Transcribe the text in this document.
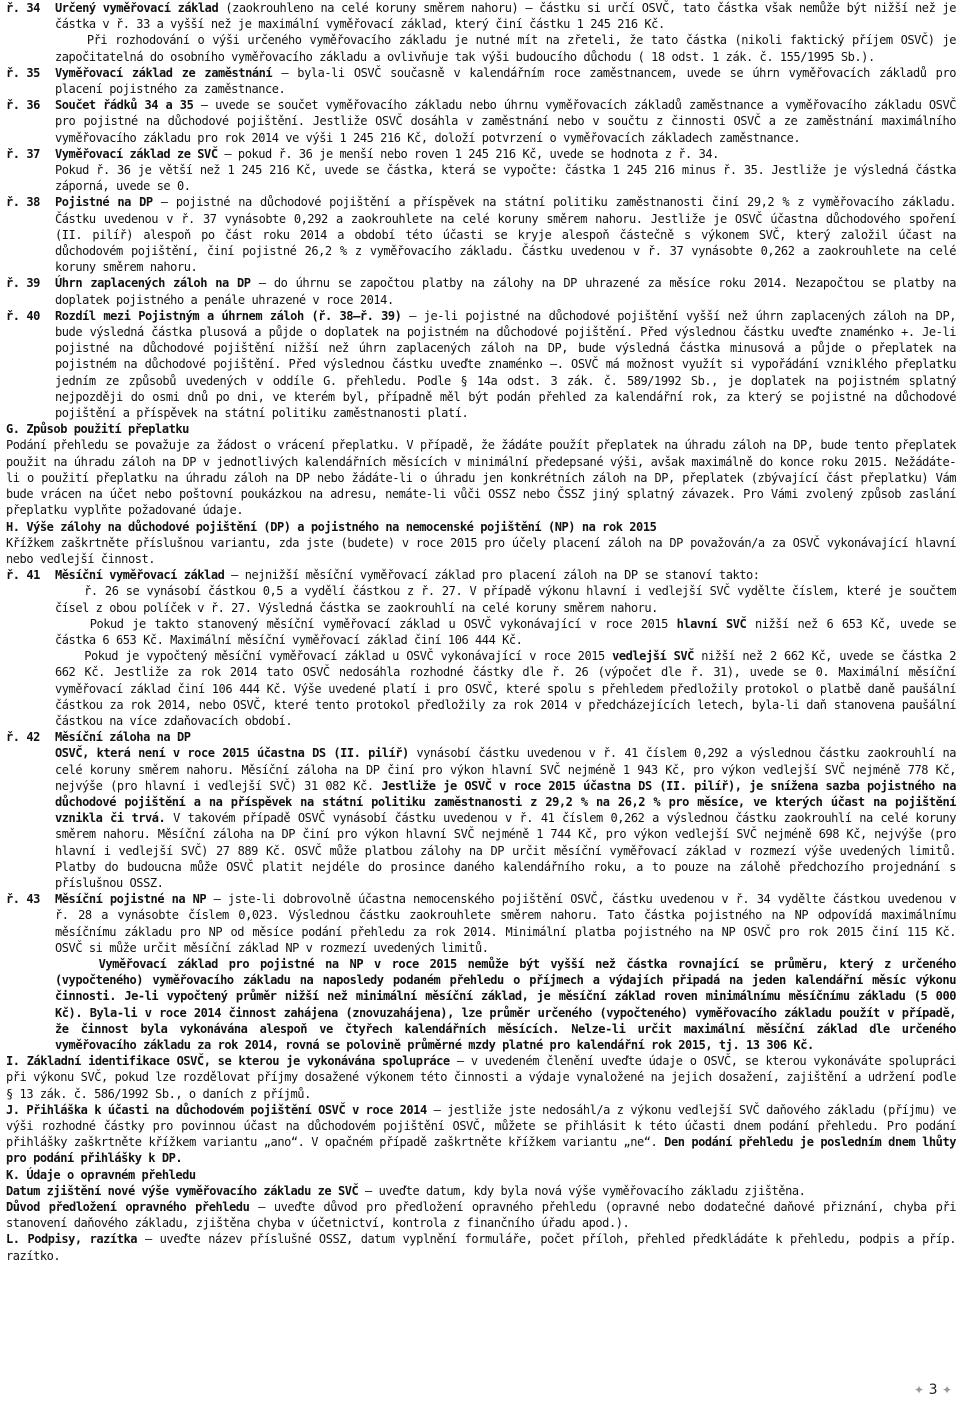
ř. 34	Určený vyměřovací základ (zaokrouhleno na celé koruny směrem nahoru) – částku si určí OSVČ, tato částka však nemůže být nižší než je částka v ř. 33 a vyšší než je maximální vyměřovací základ, který činí částku 1 245 216 Kč.
Při rozhodování o výši určeného vyměřovacího základu je nutné mít na zřeteli, že tato částka (nikoli faktický příjem OSVČ) je započitatelná do osobního vyměřovacího základu a ovlivňuje tak výši budoucího důchodu ( 18 odst. 1 zák. č. 155/1995 Sb.).
ř. 35	Vyměřovací základ ze zaměstnání – byla-li OSVČ současně v kalendářním roce zaměstnancem, uvede se úhrn vyměřovacích základů pro placení pojistného za zaměstnance.
ř. 36	Součet řádků 34 a 35 – uvede se součet vyměřovacího základu nebo úhrnu vyměřovacích základů zaměstnance a vyměřovacího základu OSVČ pro pojistné na důchodové pojištění. Jestliže OSVČ dosáhla v zaměstnání nebo v součtu z činnosti OSVČ a ze zaměstnání maximálního vyměřovacího základu pro rok 2014 ve výši 1 245 216 Kč, doloží potvrzení o vyměřovacích základech zaměstnance.
ř. 37	Vyměřovací základ ze SVČ – pokud ř. 36 je menší nebo roven 1 245 216 Kč, uvede se hodnota z ř. 34.
Pokud ř. 36 je větší než 1 245 216 Kč, uvede se částka, která se vypočte: částka 1 245 216 minus ř. 35. Jestliže je výsledná částka záporná, uvede se 0.
ř. 38	Pojistné na DP – pojistné na důchodové pojištění a příspěvek na státní politiku zaměstnanosti činí 29,2 % z vyměřovacího základu. Částku uvedenou v ř. 37 vynásobte 0,292 a zaokrouhlete na celé koruny směrem nahoru. Jestliže je OSVČ účastna důchodového spoření (II. pilíř) alespoň po část roku 2014 a období této účasti se kryje alespoň částečně s výkonem SVČ, který založil účast na důchodovém pojištění, činí pojistné 26,2 % z vyměřovacího základu. Částku uvedenou v ř. 37 vynásobte 0,262 a zaokrouhlete na celé koruny směrem nahoru.
ř. 39	Úhrn zaplacených záloh na DP – do úhrnu se započtou platby na zálohy na DP uhrazené za měsíce roku 2014. Nezapočtou se platby na doplatek pojistného a penále uhrazené v roce 2014.
ř. 40	Rozdíl mezi Pojistným a úhrnem záloh (ř. 38–ř. 39) – je-li pojistné na důchodové pojištění vyšší než úhrn zaplacených záloh na DP, bude výsledná částka plusová a půjde o doplatek na pojistném na důchodové pojištění. Před výslednou částku uveďte znaménko +. Je-li pojistné na důchodové pojištění nižší než úhrn zaplacených záloh na DP, bude výsledná částka minusová a půjde o přeplatek na pojistném na důchodové pojištění. Před výslednou částku uveďte znaménko –. OSVČ má možnost využít si vypořádání vzniklého přeplatku jedním ze způsobů uvedených v oddíle G. přehledu. Podle § 14a odst. 3 zák. č. 589/1992 Sb., je doplatek na pojistném splatný nejpozději do osmi dnů po dni, ve kterém byl, případně měl být podán přehled za kalendářní rok, za který se pojistné na důchodové pojištění a příspěvek na státní politiku zaměstnanosti platí.
G. Způsob použití přeplatku
Podání přehledu se považuje za žádost o vrácení přeplatku. V případě, že žádáte použít přeplatek na úhradu záloh na DP, bude tento přeplatek použit na úhradu záloh na DP v jednotlivých kalendářních měsících v minimální předepsané výši, avšak maximálně do konce roku 2015. Nežádáte-li o použití přeplatku na úhradu záloh na DP nebo žádáte-li o úhradu jen konkrétních záloh na DP, přeplatek (zbývající část přeplatku) Vám bude vrácen na účet nebo poštovní poukázkou na adresu, nemáte-li vůči OSSZ nebo ČSSZ jiný splatný závazek. Pro Vámi zvolený způsob zaslání přeplatku vyplňte požadované údaje.
H. Výše zálohy na důchodové pojištění (DP) a pojistného na nemocenské pojištění (NP) na rok 2015
Křížkem zaškrtněte příslušnou variantu, zda jste (budete) v roce 2015 pro účely placení záloh na DP považován/a za OSVČ vykonávající hlavní nebo vedlejší činnost.
ř. 41	Měsíční vyměřovací základ – nejnižší měsíční vyměřovací základ pro placení záloh na DP se stanoví takto:
ř. 26 se vynásobí částkou 0,5 a vydělí částkou z ř. 27. V případě výkonu hlavní i vedlejší SVČ vydělte číslem, které je součtem čísel z obou políček v ř. 27. Výsledná částka se zaokrouhlí na celé koruny směrem nahoru.
Pokud je takto stanovený měsíční vyměřovací základ u OSVČ vykonávající v roce 2015 hlavní SVČ nižší než 6 653 Kč, uvede se částka 6 653 Kč. Maximální měsíční vyměřovací základ činí 106 444 Kč.
Pokud je vypočtený měsíční vyměřovací základ u OSVČ vykonávající v roce 2015 vedlejší SVČ nižší než 2 662 Kč, uvede se částka 2 662 Kč. Jestliže za rok 2014 tato OSVČ nedosáhla rozhodné částky dle ř. 26 (výpočet dle ř. 31), uvede se 0. Maximální měsíční vyměřovací základ činí 106 444 Kč. Výše uvedené platí i pro OSVČ, které spolu s přehledem předložily protokol o platbě daně paušální částkou za rok 2014, nebo OSVČ, které tento protokol předložily za rok 2014 v předcházejících letech, byla-li daň stanovena paušální částkou na více zdaňovacích období.
ř. 42	Měsíční záloha na DP
OSVČ, která není v roce 2015 účastna DS (II. pilíř) vynásobí částku uvedenou v ř. 41 číslem 0,292 a výslednou částku zaokrouhlí na celé koruny směrem nahoru. Měsíční záloha na DP činí pro výkon hlavní SVČ nejméně 1 943 Kč, pro výkon vedlejší SVČ nejméně 778 Kč, nejvýše (pro hlavní i vedlejší SVČ) 31 082 Kč. Jestliže je OSVČ v roce 2015 účastna DS (II. pilíř), je snížena sazba pojistného na důchodové pojištění a na příspěvek na státní politiku zaměstnanosti z 29,2 % na 26,2 % pro měsíce, ve kterých účast na pojištění vznikla či trvá. V takovém případě OSVČ vynásobí částku uvedenou v ř. 41 číslem 0,262 a výslednou částku zaokrouhlí na celé koruny směrem nahoru. Měsíční záloha na DP činí pro výkon hlavní SVČ nejméně 1 744 Kč, pro výkon vedlejší SVČ nejméně 698 Kč, nejvýše (pro hlavní i vedlejší SVČ) 27 889 Kč. OSVČ může platbou zálohy na DP určit měsíční vyměřovací základ v rozmezí výše uvedených limitů. Platby do budoucna může OSVČ platit nejdéle do prosince daného kalendářního roku, a to pouze na zálohě předchozího projednání s příslušnou OSSZ.
ř. 43	Měsíční pojistné na NP – jste-li dobrovolně účastna nemocenského pojištění OSVČ, částku uvedenou v ř. 34 vydělte částkou uvedenou v ř. 28 a vynásobte číslem 0,023. Výslednou částku zaokrouhlete směrem nahoru. Tato částka pojistného na NP odpovídá maximálnímu měsíčnímu základu pro NP od měsíce podání přehledu za rok 2014. Minimální platba pojistného na NP OSVČ pro rok 2015 činí 115 Kč. OSVČ si může určit měsíční základ NP v rozmezí uvedených limitů.
Vyměřovací základ pro pojistné na NP v roce 2015 nemůže být vyšší než částka rovnající se průměru, který z určeného (vypočteného) vyměřovacího základu na naposledy podaném přehledu o příjmech a výdajích připadá na jeden kalendářní měsíc výkonu činnosti. Je-li vypočtený průměr nižší než minimální měsíční základ, je měsíční základ roven minimálnímu měsíčnímu základu (5 000 Kč). Byla-li v roce 2014 činnost zahájena (znovuzahájena), lze průměr určeného (vypočteného) vyměřovacího základu použít v případě, že činnost byla vykonávána alespoň ve čtyřech kalendářních měsících. Nelze-li určit maximální měsíční základ dle určeného vyměřovacího základu za rok 2014, rovná se polovině průměrné mzdy platné pro kalendářní rok 2015, tj. 13 306 Kč.
I. Základní identifikace OSVČ, se kterou je vykonávána spolupráce – v uvedeném členění uveďte údaje o OSVČ, se kterou vykonáváte spolupráci při výkonu SVČ, pokud lze rozdělovat příjmy dosažené výkonem této činnosti a výdaje vynaložené na jejich dosažení, zajištění a udržení podle § 13 zák. č. 586/1992 Sb., o daních z příjmů.
J. Přihláška k účasti na důchodovém pojištění OSVČ v roce 2014 – jestliže jste nedosáhl/a z výkonu vedlejší SVČ daňového základu (příjmu) ve výši rozhodné částky pro povinnou účast na důchodovém pojištění OSVČ, můžete se přihlásit k této účasti dnem podání přehledu. Pro podání přihlášky zaškrtněte křížkem variantu „ano“. V opačném případě zaškrtněte křížkem variantu „ne“. Den podání přehledu je posledním dnem lhůty pro podání přihlášky k DP.
K. Údaje o opravném přehledu
Datum zjištění nové výše vyměřovacího základu ze SVČ – uveďte datum, kdy byla nová výše vyměřovacího základu zjištěna.
Důvod předložení opravného přehledu – uveďte důvod pro předložení opravného přehledu (opravné nebo dodatečné daňové přiznání, chyba při stanovení daňového základu, zjištěna chyba v účetnictví, kontrola z finančního úřadu apod.).
L. Podpisy, razítka – uveďte název příslušné OSSZ, datum vyplnění formuláře, počet příloh, přehled předkládáte k přehledu, podpis a příp. razítko.
✦ 3 ✦
